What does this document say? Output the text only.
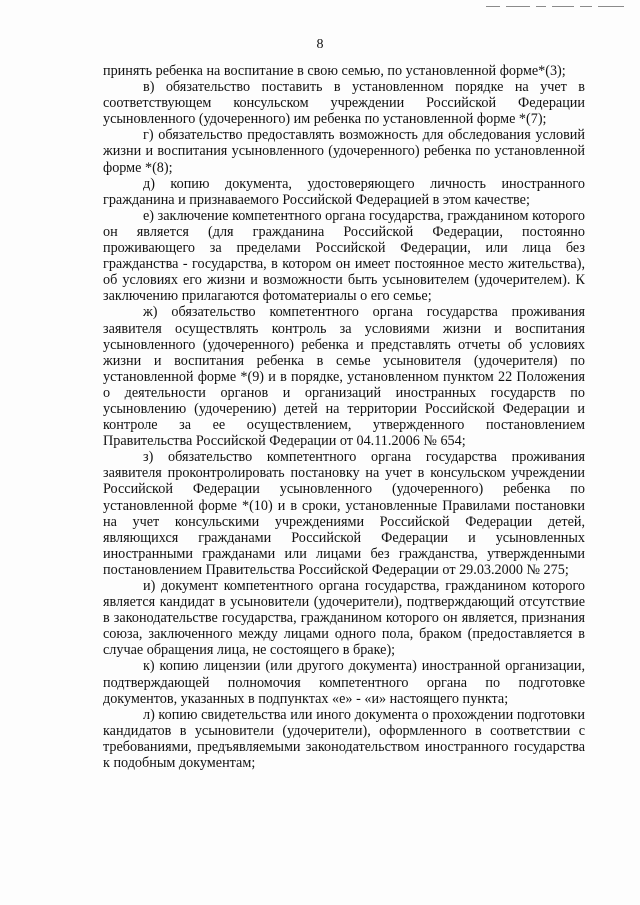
8

принять ребенка на воспитание в свою семью, по установленной форме*(3);

в) обязательство поставить в установленном порядке на учет в соответствующем консульском учреждении Российской Федерации усыновленного (удочеренного) им ребенка по установленной форме *(7);

г) обязательство предоставлять возможность для обследования условий жизни и воспитания усыновленного (удочеренного) ребенка по установленной форме *(8);

д) копию документа, удостоверяющего личность иностранного гражданина и признаваемого Российской Федерацией в этом качестве;

е) заключение компетентного органа государства, гражданином которого он является (для гражданина Российской Федерации, постоянно проживающего за пределами Российской Федерации, или лица без гражданства - государства, в котором он имеет постоянное место жительства), об условиях его жизни и возможности быть усыновителем (удочерителем). К заключению прилагаются фотоматериалы о его семье;

ж) обязательство компетентного органа государства проживания заявителя осуществлять контроль за условиями жизни и воспитания усыновленного (удочеренного) ребенка и представлять отчеты об условиях жизни и воспитания ребенка в семье усыновителя (удочерителя) по установленной форме *(9) и в порядке, установленном пунктом 22 Положения о деятельности органов и организаций иностранных государств по усыновлению (удочерению) детей на территории Российской Федерации и контроле за ее осуществлением, утвержденного постановлением Правительства Российской Федерации от 04.11.2006 № 654;

з) обязательство компетентного органа государства проживания заявителя проконтролировать постановку на учет в консульском учреждении Российской Федерации усыновленного (удочеренного) ребенка по установленной форме *(10) и в сроки, установленные Правилами постановки на учет консульскими учреждениями Российской Федерации детей, являющихся гражданами Российской Федерации и усыновленных иностранными гражданами или лицами без гражданства, утвержденными постановлением Правительства Российской Федерации от 29.03.2000 № 275;

и) документ компетентного органа государства, гражданином которого является кандидат в усыновители (удочерители), подтверждающий отсутствие в законодательстве государства, гражданином которого он является, признания союза, заключенного между лицами одного пола, браком (предоставляется в случае обращения лица, не состоящего в браке);

к) копию лицензии (или другого документа) иностранной организации, подтверждающей полномочия компетентного органа по подготовке документов, указанных в подпунктах «е» - «и» настоящего пункта;

л) копию свидетельства или иного документа о прохождении подготовки кандидатов в усыновители (удочерители), оформленного в соответствии с требованиями, предъявляемыми законодательством иностранного государства к подобным документам;
